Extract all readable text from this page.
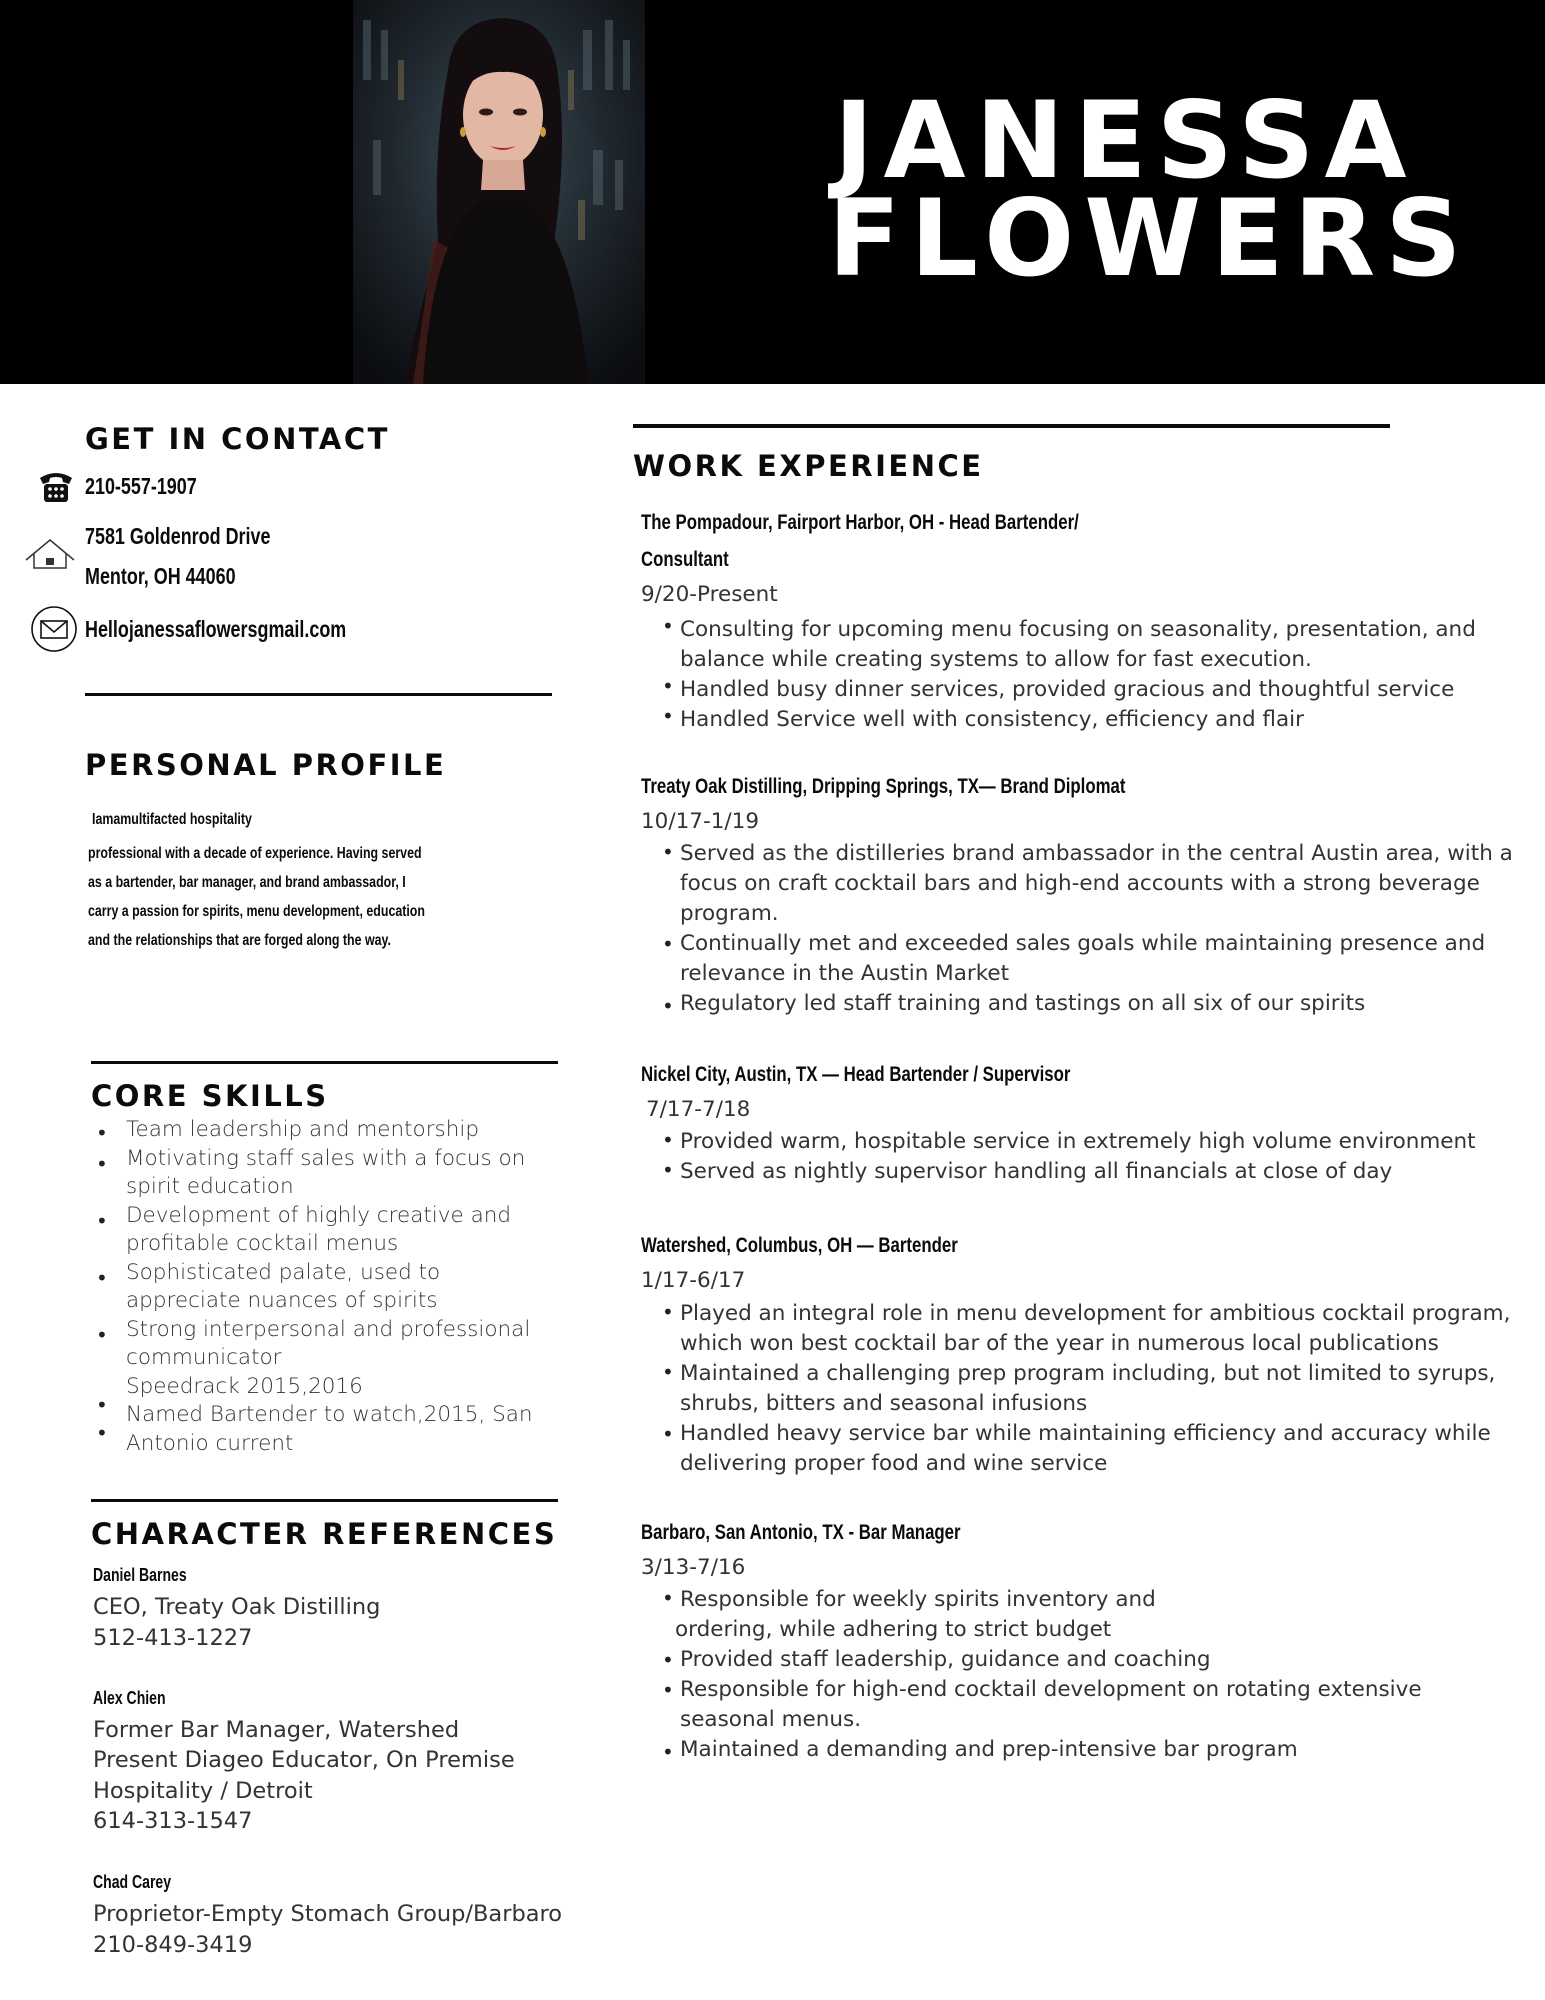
JANESSA
FLOWERS
GET IN CONTACT
210-557-1907
7581 Goldenrod Drive
Mentor, OH 44060
Hellojanessaflowersgmail.com
PERSONAL PROFILE
Iamamultifacted hospitality
professional with a decade of experience. Having served
as a bartender, bar manager, and brand ambassador, I
carry a passion for spirits, menu development, education
and the relationships that are forged along the way.
CORE SKILLS
•
•
•
•
•
•
•
Team leadership and mentorship
Motivating staff sales with a focus on
spirit education
Development of highly creative and
profitable cocktail menus
Sophisticated palate, used to
appreciate nuances of spirits
Strong interpersonal and professional
communicator
Speedrack 2015,2016
Named Bartender to watch,2015, San
Antonio current
CHARACTER REFERENCES
Daniel Barnes
CEO, Treaty Oak Distilling
512-413-1227
Alex Chien
Former Bar Manager, Watershed
Present Diageo Educator, On Premise
Hospitality / Detroit
614-313-1547
Chad Carey
Proprietor-Empty Stomach Group/Barbaro
210-849-3419
WORK EXPERIENCE
The Pompadour, Fairport Harbor, OH - Head Bartender/
Consultant
9/20-Present
•
•
•
Consulting for upcoming menu focusing on seasonality, presentation, and
balance while creating systems to allow for fast execution.
Handled busy dinner services, provided gracious and thoughtful service
Handled Service well with consistency, efficiency and flair
Treaty Oak Distilling, Dripping Springs, TX— Brand Diplomat
10/17-1/19
•
•
•
Served as the distilleries brand ambassador in the central Austin area, with a
focus on craft cocktail bars and high-end accounts with a strong beverage
program.
Continually met and exceeded sales goals while maintaining presence and
relevance in the Austin Market
Regulatory led staff training and tastings on all six of our spirits
Nickel City, Austin, TX — Head Bartender / Supervisor
7/17-7/18
•
•
Provided warm, hospitable service in extremely high volume environment
Served as nightly supervisor handling all financials at close of day
Watershed, Columbus, OH — Bartender
1/17-6/17
•
•
•
Played an integral role in menu development for ambitious cocktail program,
which won best cocktail bar of the year in numerous local publications
Maintained a challenging prep program including, but not limited to syrups,
shrubs, bitters and seasonal infusions
Handled heavy service bar while maintaining efficiency and accuracy while
delivering proper food and wine service
Barbaro, San Antonio, TX - Bar Manager
3/13-7/16
•
•
•
•
Responsible for weekly spirits inventory and
ordering, while adhering to strict budget
Provided staff leadership, guidance and coaching
Responsible for high-end cocktail development on rotating extensive
seasonal menus.
Maintained a demanding and prep-intensive bar program
